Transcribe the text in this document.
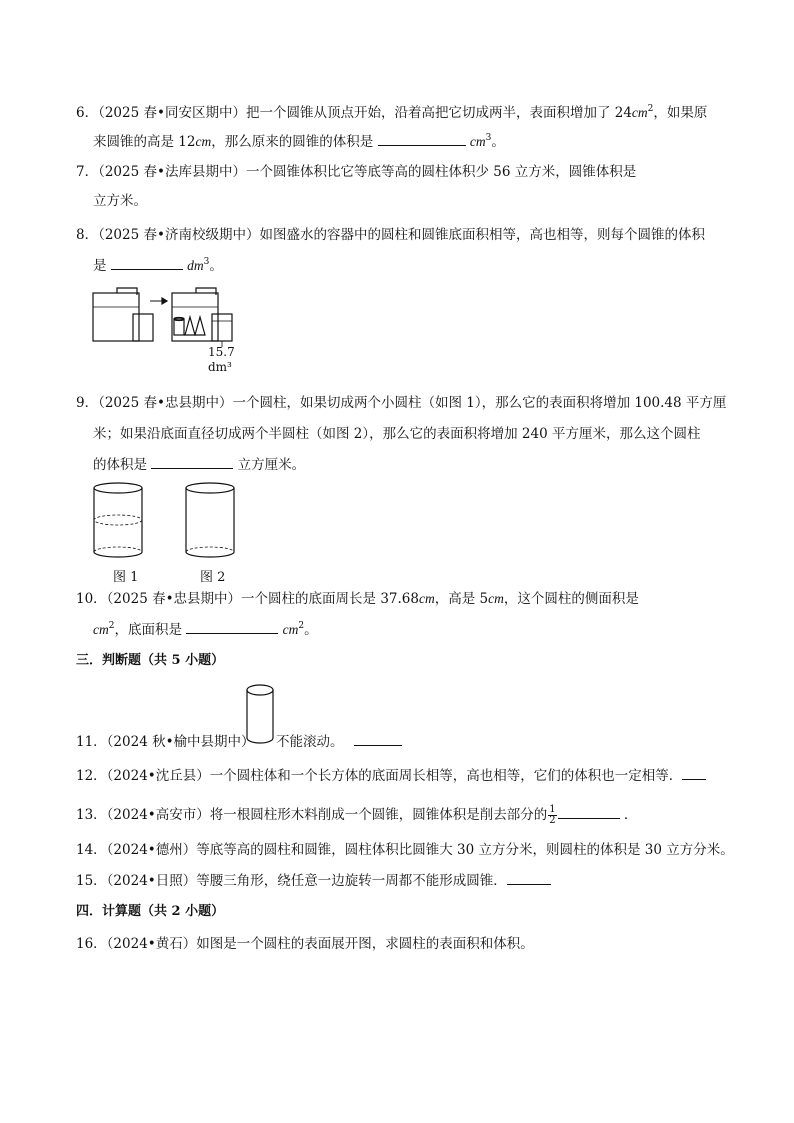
6．（2025 春•同安区期中）把一个圆锥从顶点开始，沿着高把它切成两半，表面积增加了 $24cm^2$，如果原
来圆锥的高是 12cm，那么原来的圆锥的体积是	$cm^3$。
7．（2025 春•法库县期中）一个圆锥体积比它等底等高的圆柱体积少 56 立方米，圆锥体积是
立方米。
8．（2025 春•济南校级期中）如图盛水的容器中的圆柱和圆锥底面积相等，高也相等，则每个圆锥的体积
是	$dm^3$。
15.7
dm³
9．（2025 春•忠县期中）一个圆柱，如果切成两个小圆柱（如图 1），那么它的表面积将增加 100.48 平方厘
米；如果沿底面直径切成两个半圆柱（如图 2），那么它的表面积将增加 240 平方厘米，那么这个圆柱
的体积是	立方厘米。
图 1	图 2
10．（2025 春•忠县期中）一个圆柱的底面周长是 37.68cm，高是 5cm，这个圆柱的侧面积是
$cm^2$，底面积是	$cm^2$。
三．判断题（共 5 小题）
11．（2024 秋•榆中县期中） 不能滚动。
12．（2024•沈丘县）一个圆柱体和一个长方体的底面周长相等，高也相等，它们的体积也一定相等．
13．（2024•高安市）将一根圆柱形木料削成一个圆锥，圆锥体积是削去部分的 $\frac{1}{2}$	．
14．（2024•德州）等底等高的圆柱和圆锥，圆柱体积比圆锥大 30 立方分米，则圆柱的体积是 30 立方分米。
15．（2024•日照）等腰三角形，绕任意一边旋转一周都不能形成圆锥．
四．计算题（共 2 小题）
16．（2024•黄石）如图是一个圆柱的表面展开图，求圆柱的表面积和体积。
